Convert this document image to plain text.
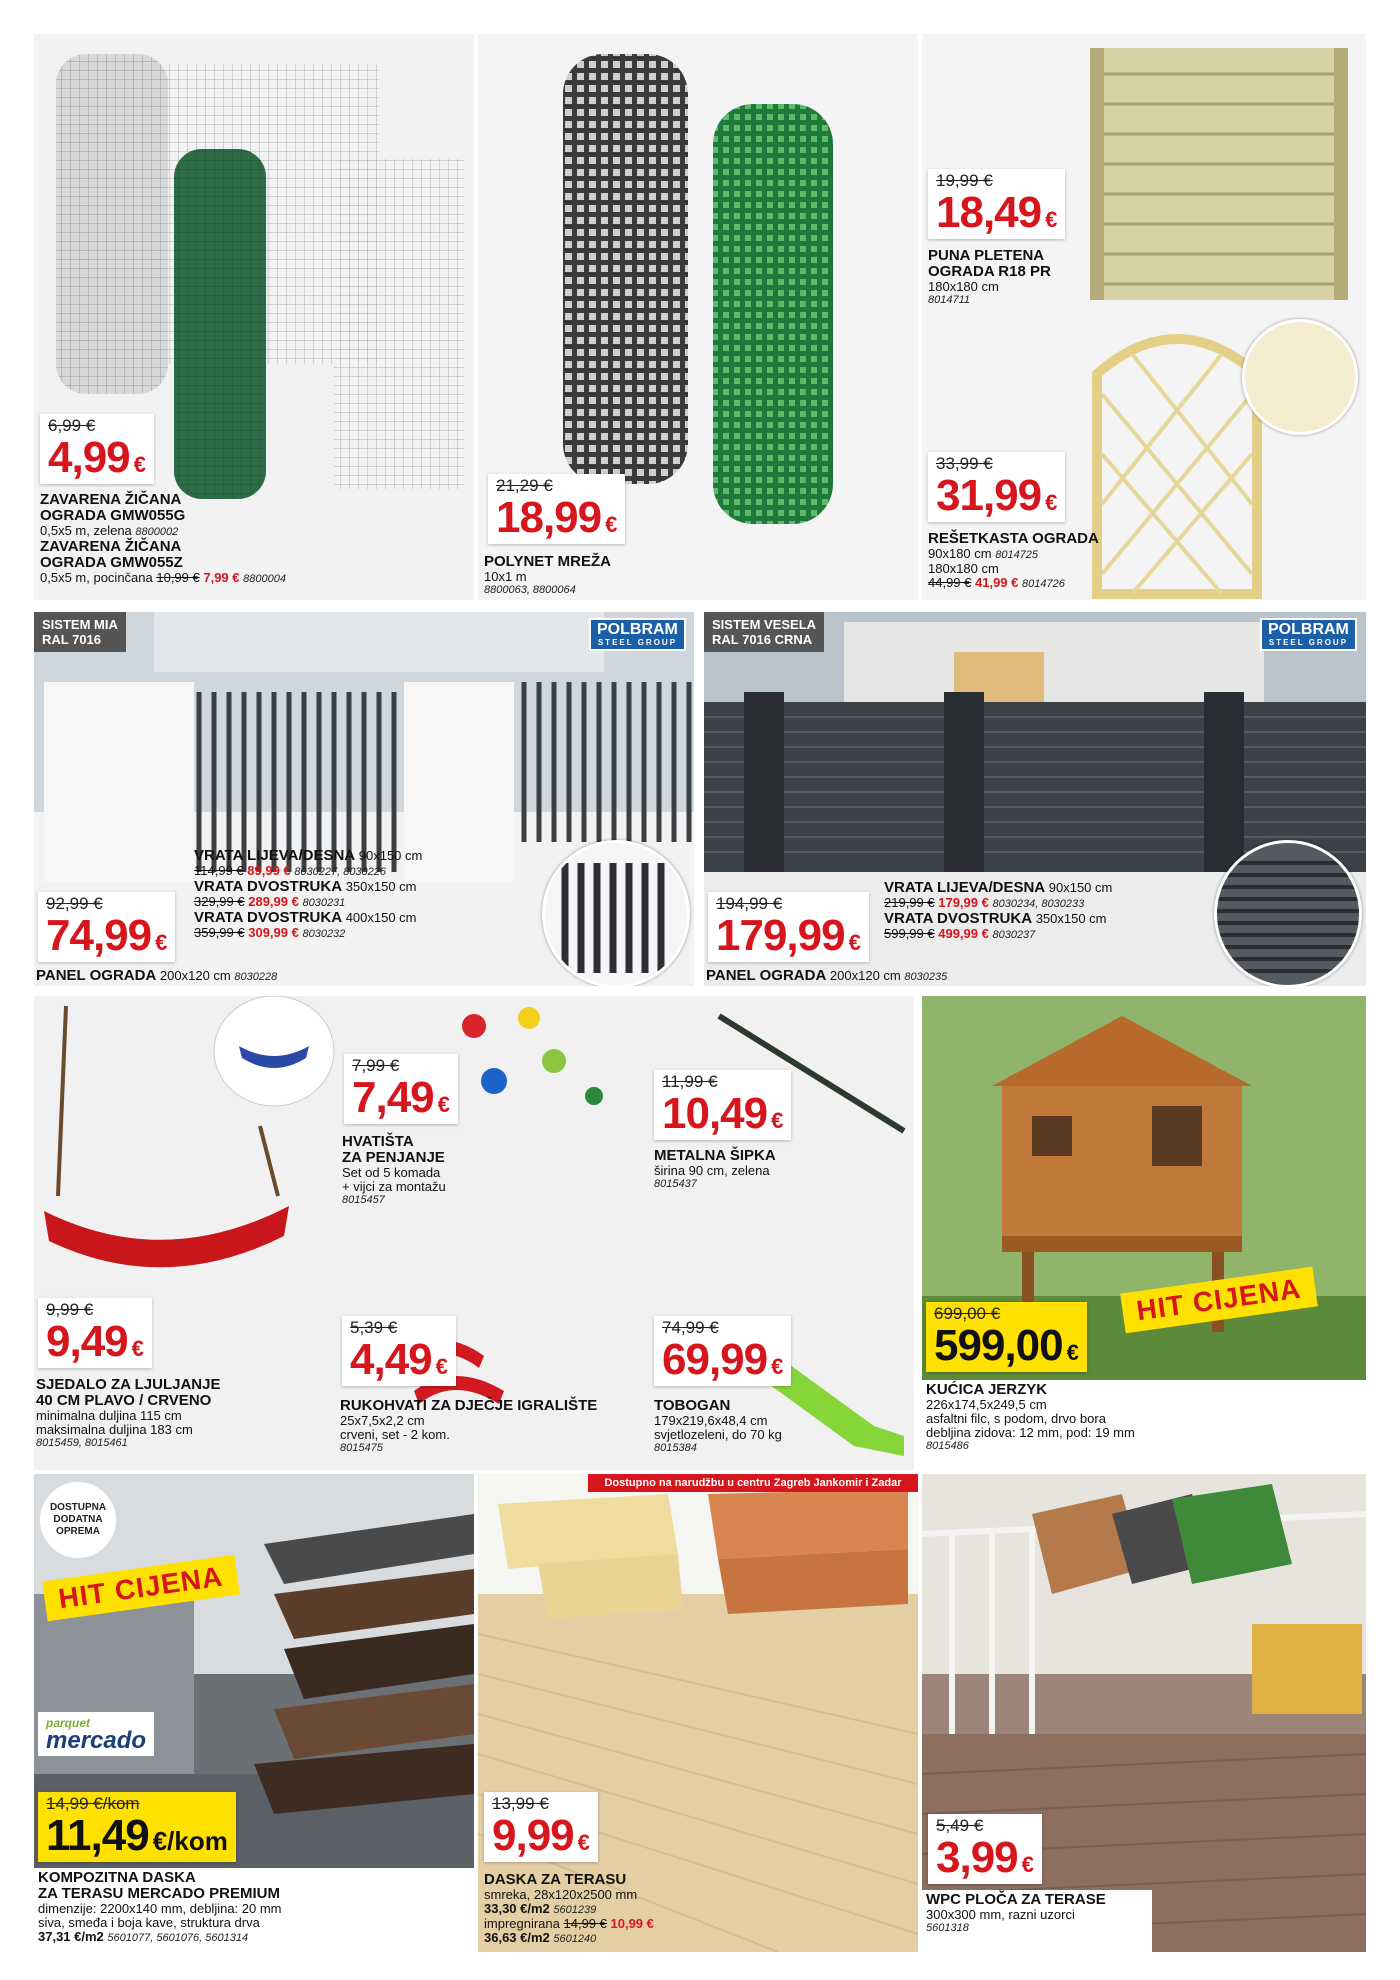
6,99 €
4,99 €
ZAVARENA ŽIČANA
OGRADA GMW055G
0,5x5 m, zelena 8800002
ZAVARENA ŽIČANA
OGRADA GMW055Z
0,5x5 m, pocinčana 10,99 € 7,99 € 8800004
21,29 €
18,99 €
POLYNET MREŽA
10x1 m
8800063, 8800064
19,99 €
18,49 €
PUNA PLETENA
OGRADA R18 PR
180x180 cm
8014711
33,99 €
31,99 €
REŠETKASTA OGRADA
90x180 cm 8014725
180x180 cm
44,99 € 41,99 € 8014726
SISTEM MIA
RAL 7016
POLBRAM
STEEL GROUP
92,99 €
74,99 €
VRATA LIJEVA/DESNA 90x150 cm
114,99 € 89,99 € 8030227, 8030226
VRATA DVOSTRUKA 350x150 cm
329,99 € 289,99 € 8030231
VRATA DVOSTRUKA 400x150 cm
359,99 € 309,99 € 8030232
PANEL OGRADA 200x120 cm 8030228
SISTEM VESELA
RAL 7016 CRNA
POLBRAM
STEEL GROUP
194,99 €
179,99 €
VRATA LIJEVA/DESNA 90x150 cm
219,99 € 179,99 € 8030234, 8030233
VRATA DVOSTRUKA 350x150 cm
599,99 € 499,99 € 8030237
PANEL OGRADA 200x120 cm 8030235
9,99 €
9,49 €
SJEDALO ZA LJULJANJE
40 CM PLAVO / CRVENO
minimalna duljina 115 cm
maksimalna duljina 183 cm
8015459, 8015461
7,99 €
7,49 €
HVATIŠTA
ZA PENJANJE
Set od 5 komada
+ vijci za montažu
8015457
11,99 €
10,49 €
METALNA ŠIPKA
širina 90 cm, zelena
8015437
5,39 €
4,49 €
RUKOHVATI ZA DJEČJE IGRALIŠTE
25x7,5x2,2 cm
crveni, set - 2 kom.
8015475
74,99 €
69,99 €
TOBOGAN
179x219,6x48,4 cm
svjetlozeleni, do 70 kg
8015384
HIT CIJENA
699,00 €
599,00 €
KUĆICA JERZYK
226x174,5x249,5 cm
asfaltni filc, s podom, drvo bora
debljina zidova: 12 mm, pod: 19 mm
8015486
DOSTUPNA
DODATNA
OPREMA
HIT CIJENA
parquet
mercado
14,99 €/kom
11,49 €/kom
KOMPOZITNA DASKA
ZA TERASU MERCADO PREMIUM
dimenzije: 2200x140 mm, debljina: 20 mm
siva, smeđa i boja kave, struktura drva
37,31 €/m2 5601077, 5601076, 5601314
Dostupno na narudžbu u centru Zagreb Jankomir i Zadar
13,99 €
9,99 €
DASKA ZA TERASU
smreka, 28x120x2500 mm
33,30 €/m2 5601239
impregnirana 14,99 € 10,99 €
36,63 €/m2 5601240
5,49 €
3,99 €
WPC PLOČA ZA TERASE
300x300 mm, razni uzorci
5601318
